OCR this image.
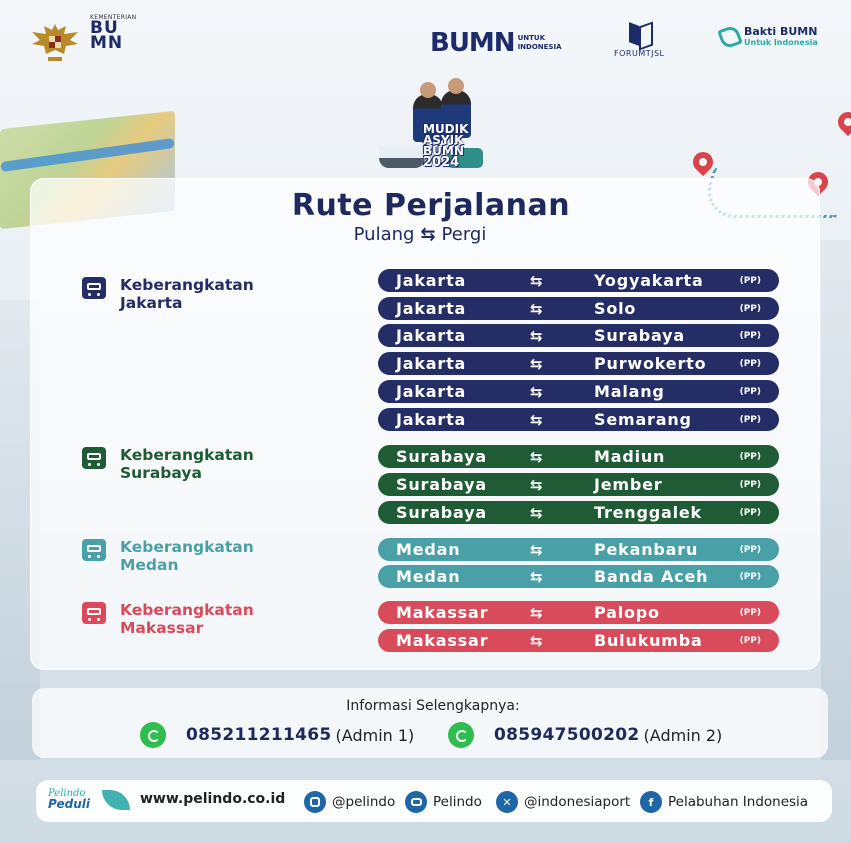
KEMENTERIAN
BU
MN	BUMN UNTUK
INDONESIA
FORUMTJSL
Bakti BUMN
Untuk Indonesia
MUDIK
ASYIK
BUMN
2024
Rute Perjalanan
Pulang ⇆ Pergi
Keberangkatan
Jakarta
Jakarta	⇆	Yogyakarta	(PP)
Jakarta	⇆	Solo	(PP)
Jakarta	⇆	Surabaya	(PP)
Jakarta	⇆	Purwokerto	(PP)
Jakarta	⇆	Malang	(PP)
Jakarta	⇆	Semarang	(PP)
Keberangkatan
Surabaya
Surabaya	⇆	Madiun	(PP)
Surabaya	⇆	Jember	(PP)
Surabaya	⇆	Trenggalek	(PP)
Keberangkatan
Medan
Medan	⇆	Pekanbaru	(PP)
Medan	⇆	Banda Aceh	(PP)
Keberangkatan
Makassar
Makassar	⇆	Palopo	(PP)
Makassar	⇆	Bulukumba	(PP)
Informasi Selengkapnya:
085211211465 (Admin 1)	085947500202 (Admin 2)
Pelindo
Peduli	www.pelindo.co.id	@pelindo	Pelindo	✕ @indonesiaport	f	Pelabuhan Indonesia
